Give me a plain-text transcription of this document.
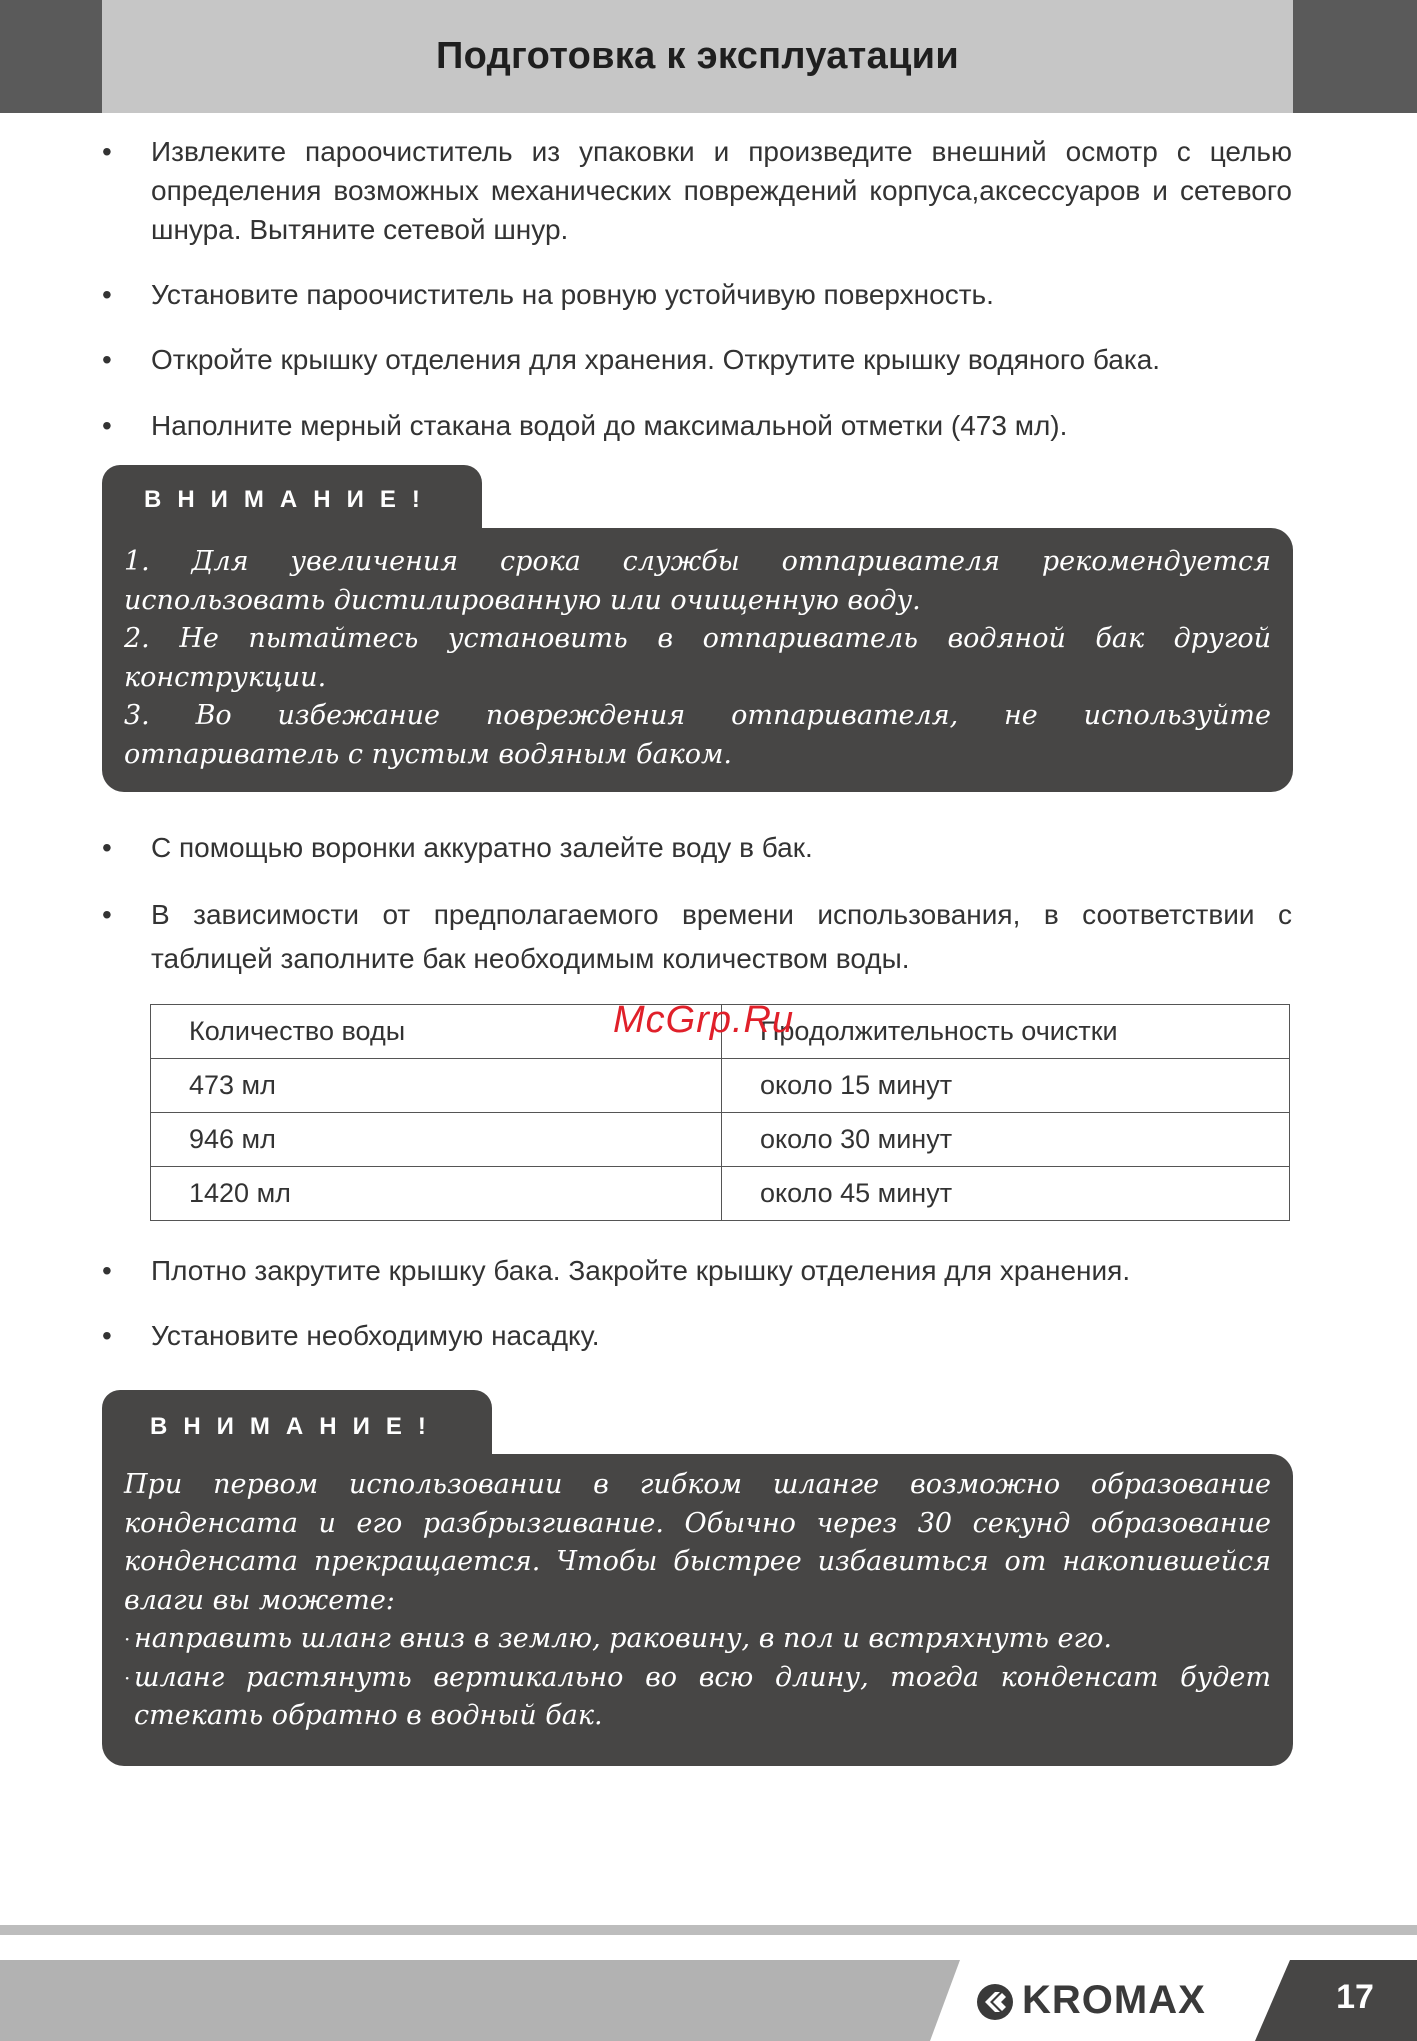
Подготовка к эксплуатации
•	Извлеките пароочиститель из упаковки и произведите внешний осмотр с целью определения возможных механических повреждений корпуса,аксессуаров и сетевого шнура. Вытяните сетевой шнур.
•	Установите пароочиститель на ровную устойчивую поверхность.
•	Откройте крышку отделения для хранения. Открутите крышку водяного бака.
•	Наполните мерный стакана водой до максимальной отметки (473 мл).
ВНИМАНИЕ!

1. Для увеличения срока службы отпаривателя рекомендуется использовать дистилированную или очищенную воду.

2. Не пытайтесь установить в отпариватель водяной бак другой конструкции.

3. Во избежание повреждения отпаривателя, не используйте отпариватель с пустым водяным баком.

•	С помощью воронки аккуратно залейте воду в бак.
•	В зависимости от предполагаемого времени использования, в соответствии с таблицей заполните бак необходимым количеством воды.
Количество воды	Продолжительность очистки
473 мл	около 15 минут
946 мл	около 30 минут
1420 мл	около 45 минут
McGrp.Ru
•	Плотно закрутите крышку бака. Закройте крышку отделения для хранения.
•	Установите необходимую насадку.
ВНИМАНИЕ!

При первом использовании в гибком шланге возможно образование конденсата и его разбрызгивание. Обычно через 30 секунд образование конденсата прекращается. Чтобы быстрее избавиться от накопившейся влаги вы можете:

· направить шланг вниз в землю, раковину, в пол и встряхнуть его.

· шланг растянуть вертикально во всю длину, тогда конденсат будет стекать обратно в водный бак.

KROMAX	17
